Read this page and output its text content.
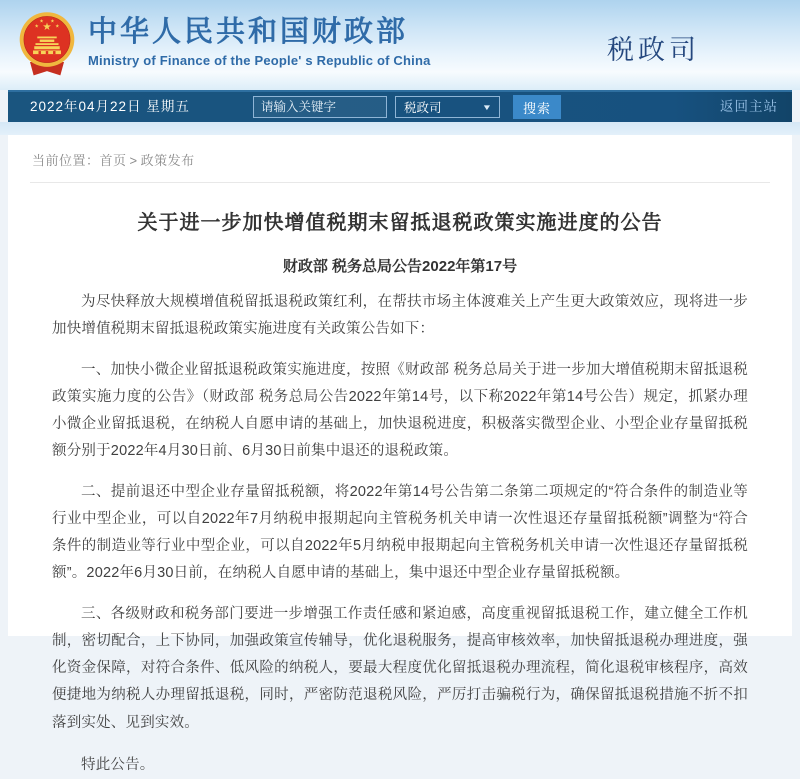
★
★
★ ★
★ 中华人民共和国财政部
Ministry of Finance of the People' s Republic of China	税政司
2022年04月22日 星期五
请输入关键字	税政司	▼	搜索	返回主站
当前位置：首页 > 政策发布
关于进一步加快增值税期末留抵退税政策实施进度的公告
财政部 税务总局公告2022年第17号

为尽快释放大规模增值税留抵退税政策红利，在帮扶市场主体渡难关上产生更大政策效应，现将进一步加快增值税期末留抵退税政策实施进度有关政策公告如下：

一、加快小微企业留抵退税政策实施进度，按照《财政部 税务总局关于进一步加大增值税期末留抵退税政策实施力度的公告》（财政部 税务总局公告2022年第14号，以下称2022年第14号公告）规定，抓紧办理小微企业留抵退税，在纳税人自愿申请的基础上，加快退税进度，积极落实微型企业、小型企业存量留抵税额分别于2022年4月30日前、6月30日前集中退还的退税政策。

二、提前退还中型企业存量留抵税额，将2022年第14号公告第二条第二项规定的“符合条件的制造业等行业中型企业，可以自2022年7月纳税申报期起向主管税务机关申请一次性退还存量留抵税额”调整为“符合条件的制造业等行业中型企业，可以自2022年5月纳税申报期起向主管税务机关申请一次性退还存量留抵税额”。2022年6月30日前，在纳税人自愿申请的基础上，集中退还中型企业存量留抵税额。

三、各级财政和税务部门要进一步增强工作责任感和紧迫感，高度重视留抵退税工作，建立健全工作机制，密切配合，上下协同，加强政策宣传辅导，优化退税服务，提高审核效率，加快留抵退税办理进度，强化资金保障，对符合条件、低风险的纳税人，要最大程度优化留抵退税办理流程，简化退税审核程序，高效便捷地为纳税人办理留抵退税，同时，严密防范退税风险，严厉打击骗税行为，确保留抵退税措施不折不扣落到实处、见到实效。

特此公告。
